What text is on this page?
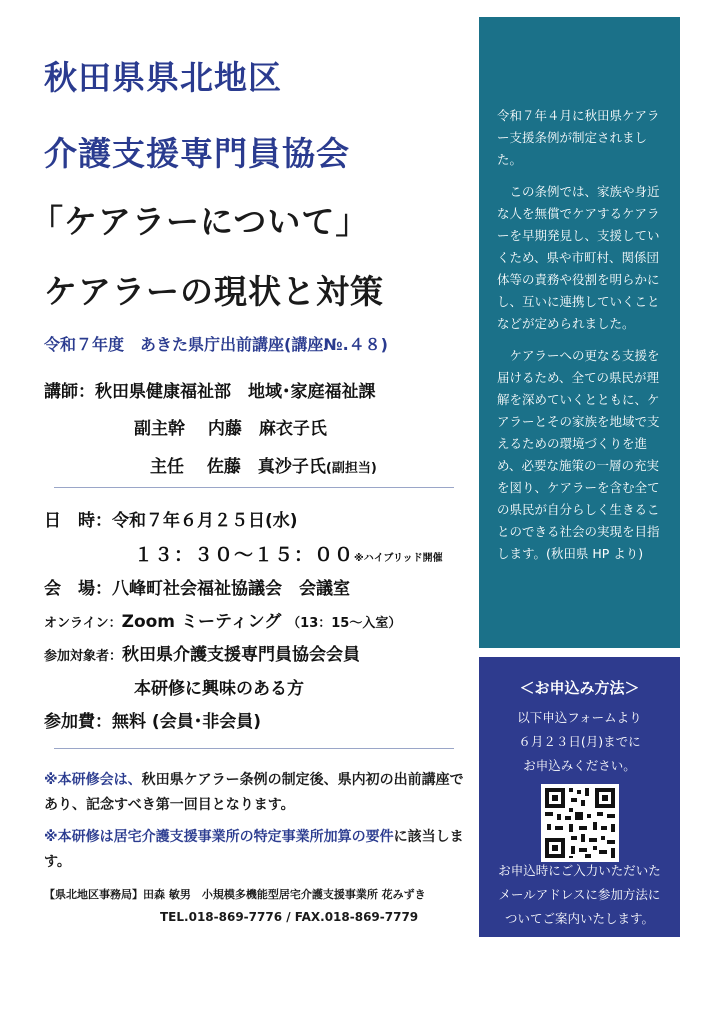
秋田県県北地区
介護支援専門員協会
「ケアラーについて」
ケアラーの現状と対策
令和７年度　あきた県庁出前講座(講座№.４８)
講師：秋田県健康福祉部　地域･家庭福祉課
副主幹　 内藤　麻衣子氏
主任　 佐藤　真沙子氏(副担当)
日　時：令和７年６月２５日(水)
１３：３０～１５：００※ハイブリッド開催
会　場：八峰町社会福祉協議会　会議室
オンライン：Zoom ミーティング （13：15～入室）
参加対象者：秋田県介護支援専門員協会会員
本研修に興味のある方
参加費：無料 (会員･非会員)
※本研修会は、秋田県ケアラー条例の制定後、県内初の出前講座であり、記念すべき第一回目となります。
※本研修は居宅介護支援事業所の特定事業所加算の要件に該当します。
【県北地区事務局】田森 敏男　小規模多機能型居宅介護支援事業所 花みずき
TEL.018-869-7776 / FAX.018-869-7779

令和７年４月に秋田県ケアラー支援条例が制定されました。

この条例では、家族や身近な人を無償でケアするケアラーを早期発見し、支援していくため、県や市町村、関係団体等の責務や役割を明らかにし、互いに連携していくことなどが定められました。

ケアラーへの更なる支援を届けるため、全ての県民が理解を深めていくとともに、ケアラーとその家族を地域で支えるための環境づくりを進め、必要な施策の一層の充実を図り、ケアラーを含む全ての県民が自分らしく生きることのできる社会の実現を目指します。(秋田県 HP より)

＜お申込み方法＞
以下申込フォームより
６月２３日(月)までに
お申込みください。
お申込時にご入力いただいた
メールアドレスに参加方法に
ついてご案内いたします。
